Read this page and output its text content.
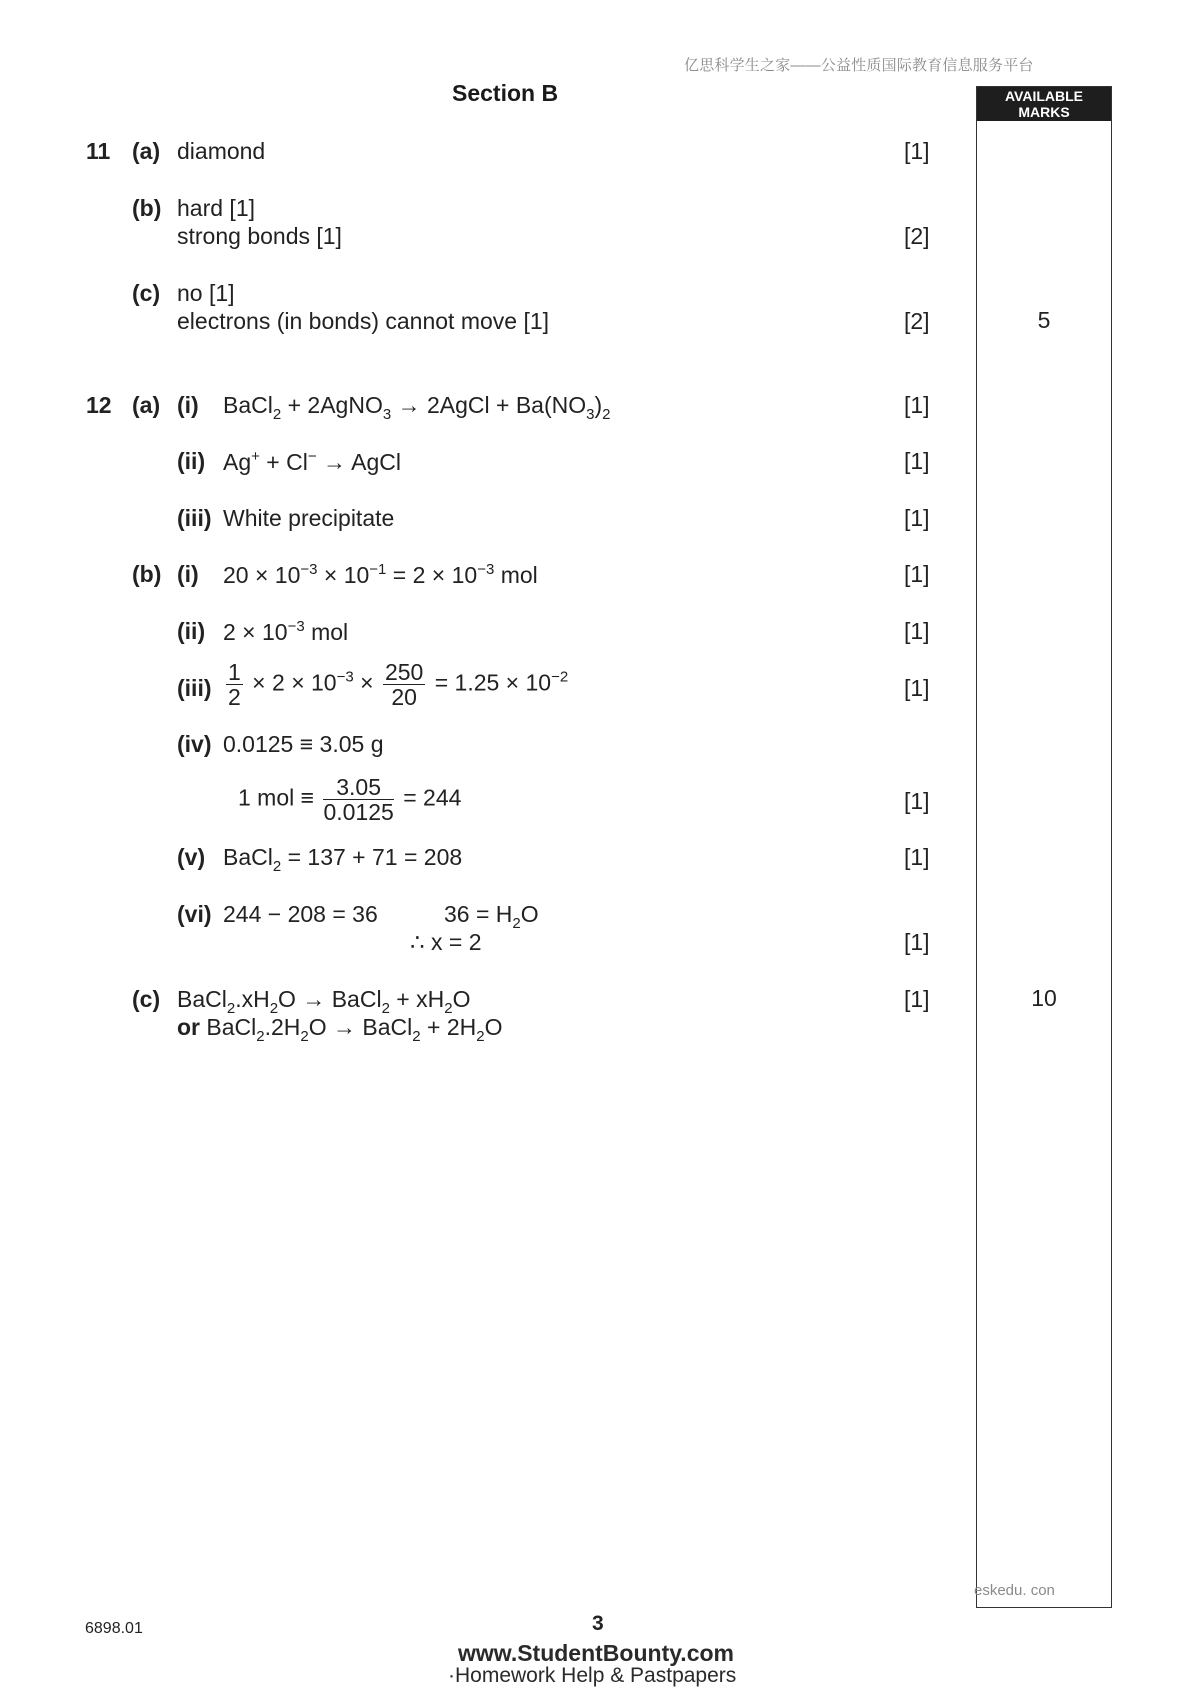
亿思科学生之家——公益性质国际教育信息服务平台
Section B	AVAILABLE
MARKS
11 (a) diamond	[1]
(b) hard [1]
strong bonds [1]	[2]
(c) no [1]
electrons (in bonds) cannot move [1]	[2]	5
12 (a) (i) BaCl$_2$ + 2AgNO$_3$ → 2AgCl + $Ba(NO_3)_2$	[1]
(ii) Ag+ + Cl− → AgCl	[1]
(iii) White precipitate	[1]
(b) (i) $20 \times 10^{-3} \times 10^{-1} = 2 \times 10^{-3}$ mol	[1]
(ii) $2 \times 10^{-3}$ mol	[1]
$(iii) \frac{1}{2} \times 2 \times 10^{-3} \times \frac{250}{20} = 1.25 \times 10^{-2}$	[1]
(iv) 0.0125 ≡ 3.05 g
1 mol ≡ $\frac{3.05}{0.0125} = 244$	[1]
(v) BaCl$_2$ = 137 + 71 = 208	[1]
(vi) 244 − 208 = 36	$36 = H_2O$
∴ x = 2	[1]
(c) $BaCl_2.xH_2O$ → BaCl$_2$ + $xH_2O$
or $BaCl_2.2H_2O$ → BaCl$_2$ + $2H_2O$
[1]	10
eskedu. con
6898.01	3
www.StudentBounty.com
·Homework Help & Pastpapers
